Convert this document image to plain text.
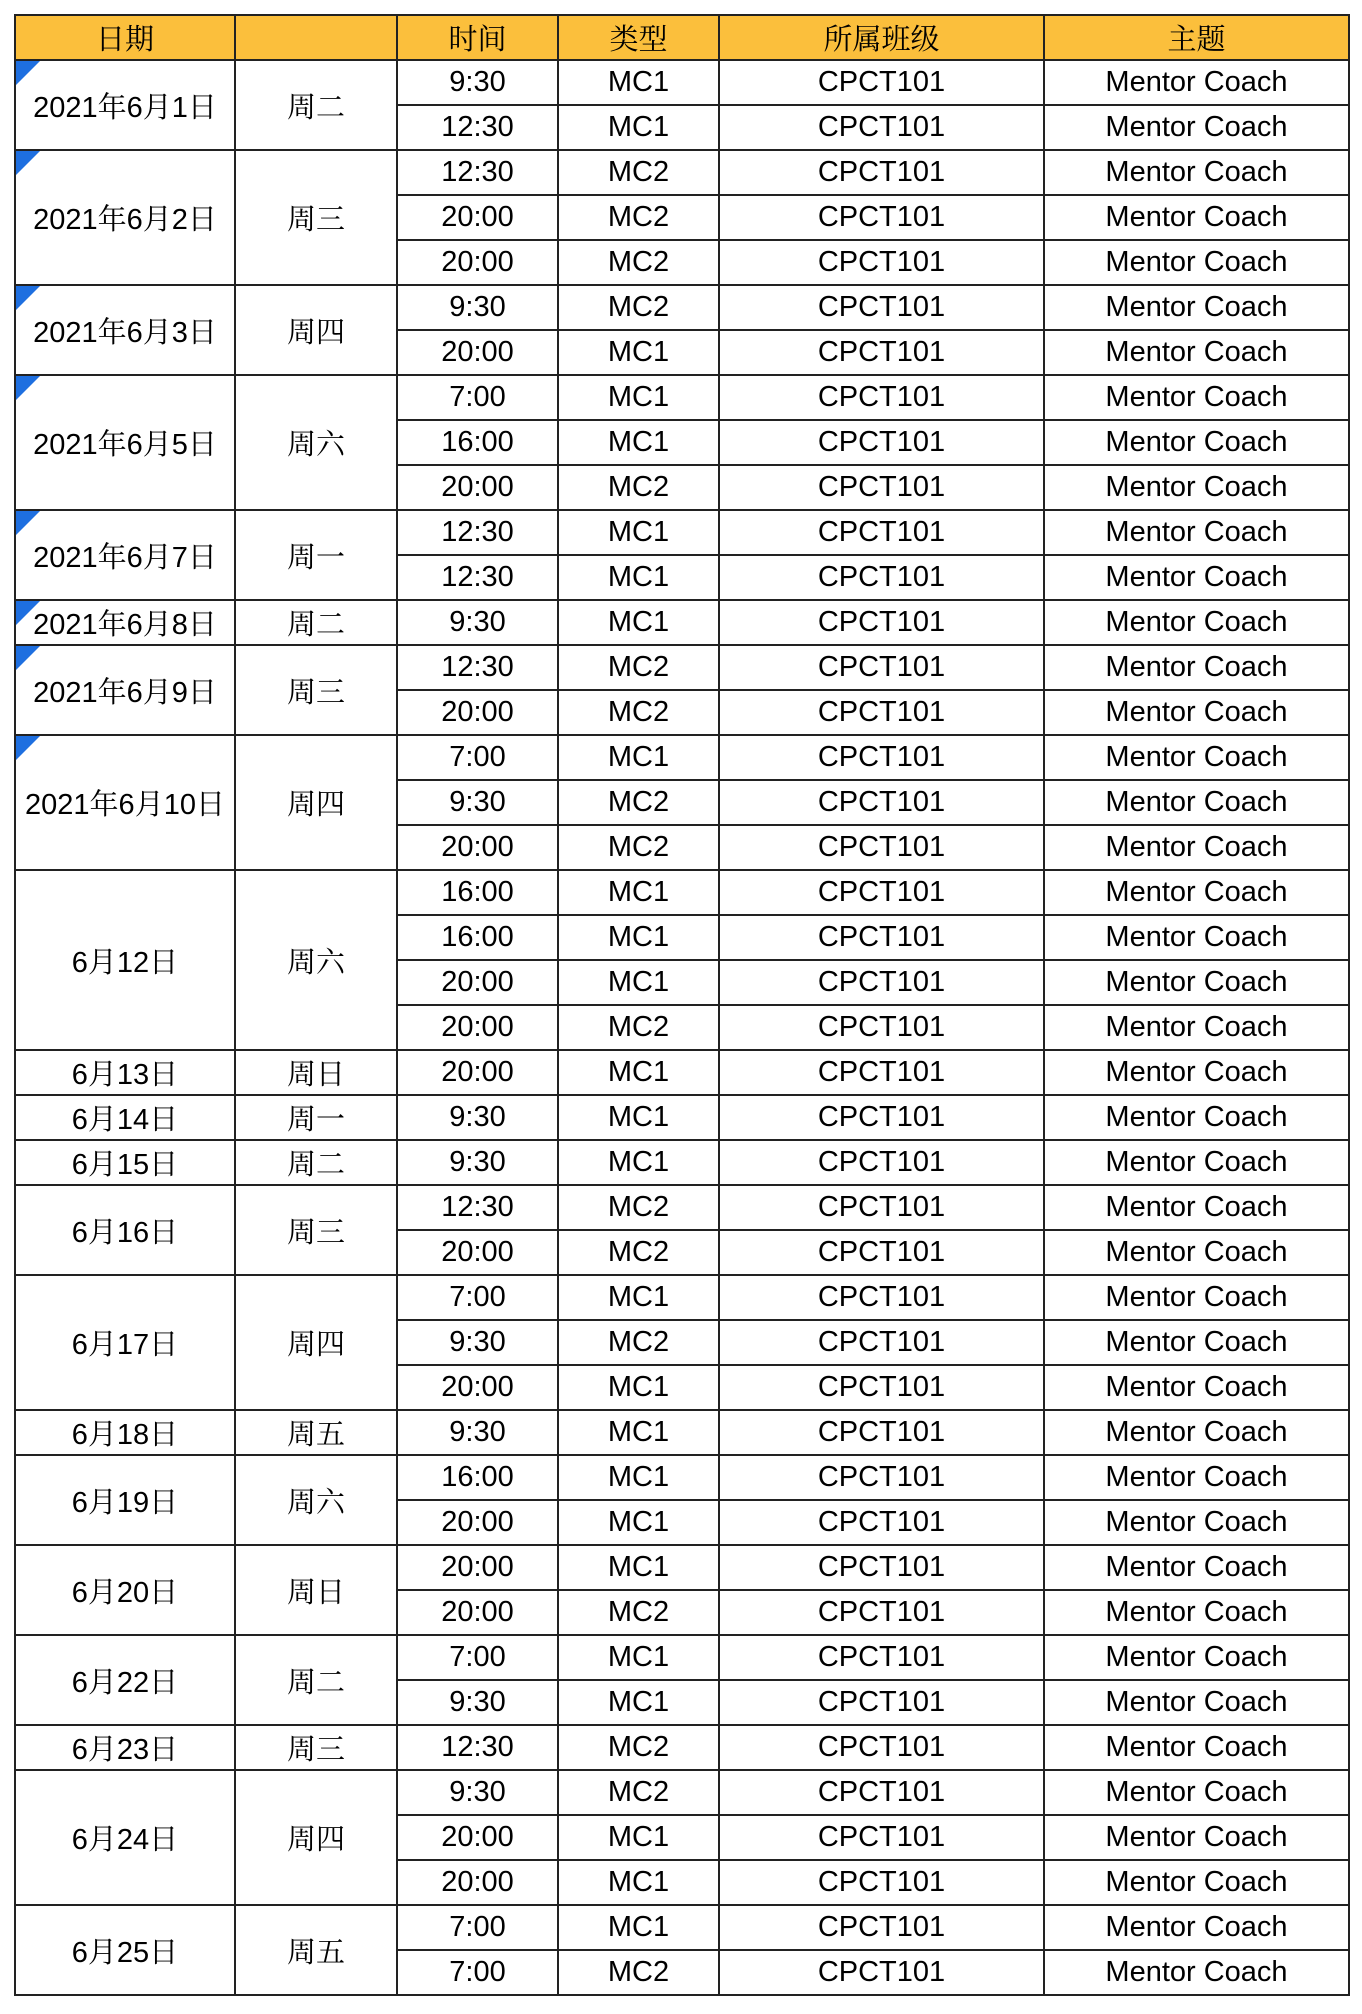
日期		时间	类型	所属班级	主题

2021年6月1日	周二	9:30	MC1	CPCT101	Mentor Coach
		12:30	MC1	CPCT101	Mentor Coach

2021年6月2日	周三	12:30	MC2	CPCT101	Mentor Coach
		20:00	MC2	CPCT101	Mentor Coach
		20:00	MC2	CPCT101	Mentor Coach

2021年6月3日	周四	9:30	MC2	CPCT101	Mentor Coach
		20:00	MC1	CPCT101	Mentor Coach

2021年6月5日	周六	7:00	MC1	CPCT101	Mentor Coach
		16:00	MC1	CPCT101	Mentor Coach
		20:00	MC2	CPCT101	Mentor Coach

2021年6月7日	周一	12:30	MC1	CPCT101	Mentor Coach
		12:30	MC1	CPCT101	Mentor Coach

2021年6月8日	周二	9:30	MC1	CPCT101	Mentor Coach

2021年6月9日	周三	12:30	MC2	CPCT101	Mentor Coach
		20:00	MC2	CPCT101	Mentor Coach

2021年6月10日	周四	7:00	MC1	CPCT101	Mentor Coach
		9:30	MC2	CPCT101	Mentor Coach
		20:00	MC2	CPCT101	Mentor Coach
6月12日	周六	16:00	MC1	CPCT101	Mentor Coach
		16:00	MC1	CPCT101	Mentor Coach
		20:00	MC1	CPCT101	Mentor Coach
		20:00	MC2	CPCT101	Mentor Coach
6月13日	周日	20:00	MC1	CPCT101	Mentor Coach
6月14日	周一	9:30	MC1	CPCT101	Mentor Coach
6月15日	周二	9:30	MC1	CPCT101	Mentor Coach
6月16日	周三	12:30	MC2	CPCT101	Mentor Coach
		20:00	MC2	CPCT101	Mentor Coach
6月17日	周四	7:00	MC1	CPCT101	Mentor Coach
		9:30	MC2	CPCT101	Mentor Coach
		20:00	MC1	CPCT101	Mentor Coach
6月18日	周五	9:30	MC1	CPCT101	Mentor Coach
6月19日	周六	16:00	MC1	CPCT101	Mentor Coach
		20:00	MC1	CPCT101	Mentor Coach
6月20日	周日	20:00	MC1	CPCT101	Mentor Coach
		20:00	MC2	CPCT101	Mentor Coach
6月22日	周二	7:00	MC1	CPCT101	Mentor Coach
		9:30	MC1	CPCT101	Mentor Coach
6月23日	周三	12:30	MC2	CPCT101	Mentor Coach
6月24日	周四	9:30	MC2	CPCT101	Mentor Coach
		20:00	MC1	CPCT101	Mentor Coach
		20:00	MC1	CPCT101	Mentor Coach
6月25日	周五	7:00	MC1	CPCT101	Mentor Coach
		7:00	MC2	CPCT101	Mentor Coach
